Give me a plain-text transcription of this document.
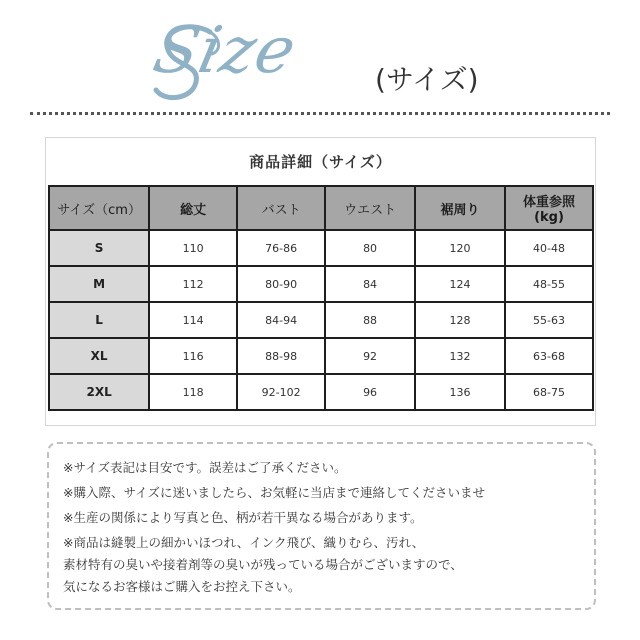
Size	(サイズ)
商品詳細（サイズ）
サイズ（cm）	総丈	バスト	ウエスト	裾周り	体重参照
(kg)
S	110	76-86	80	120	40-48
M	112	80-90	84	124	48-55
L	114	84-94	88	128	55-63
XL	116	88-98	92	132	63-68
2XL	118	92-102	96	136	68-75

※サイズ表記は目安です。誤差はご了承ください。

※購入際、サイズに迷いましたら、お気軽に当店まで連絡してくださいませ

※生産の関係により写真と色、柄が若干異なる場合があります。

※商品は縫製上の細かいほつれ、インク飛び、織りむら、汚れ、

素材特有の臭いや接着剤等の臭いが残っている場合がございますので、

気になるお客様はご購入をお控え下さい。
